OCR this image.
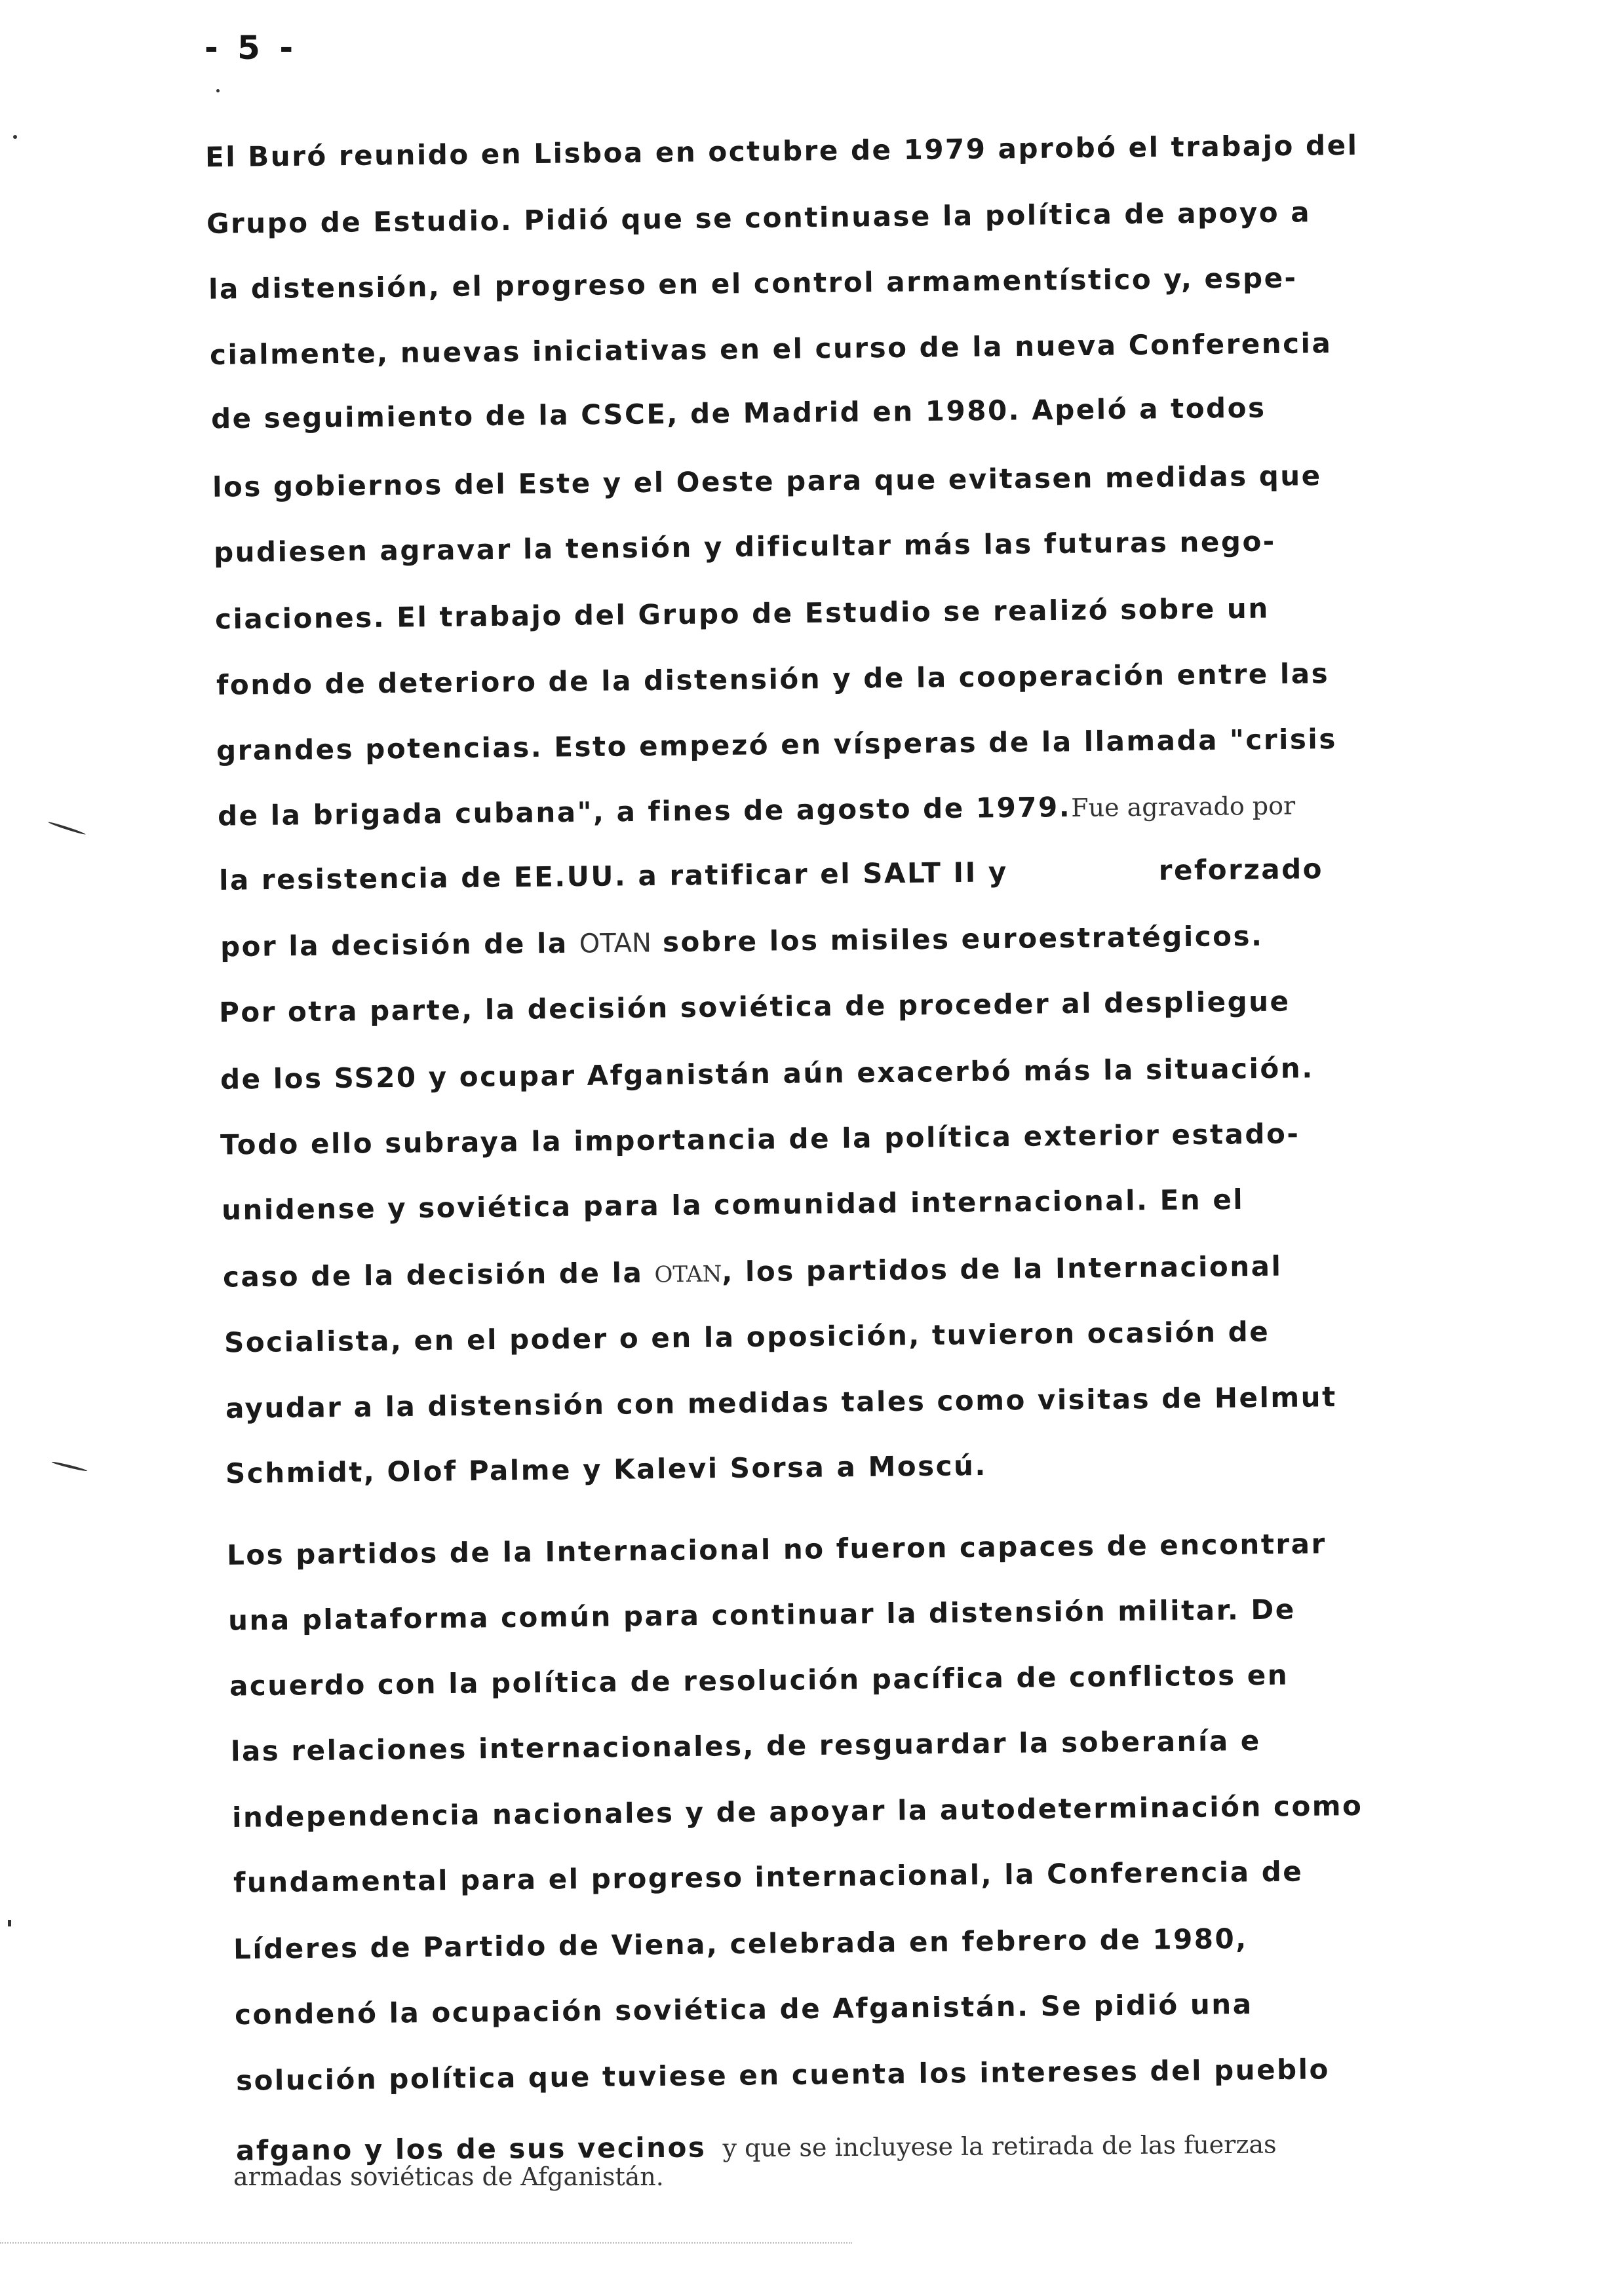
- 5 -
El Buró reunido en Lisboa en octubre de 1979 aprobó el trabajo del
Grupo de Estudio. Pidió que se continuase la política de apoyo a
la distensión, el progreso en el control armamentístico y, espe-
cialmente, nuevas iniciativas en el curso de la nueva Conferencia
de seguimiento de la CSCE, de Madrid en 1980. Apeló a todos
los gobiernos del Este y el Oeste para que evitasen medidas que
pudiesen agravar la tensión y dificultar más las futuras nego-
ciaciones. El trabajo del Grupo de Estudio se realizó sobre un
fondo de deterioro de la distensión y de la cooperación entre las
grandes potencias. Esto empezó en vísperas de la llamada "crisis
de la brigada cubana", a fines de agosto de 1979.Fue agravado por
la resistencia de EE.UU. a ratificar el SALT II y	reforzado
por la decisión de la OTAN sobre los misiles euroestratégicos.
Por otra parte, la decisión soviética de proceder al despliegue
de los SS20 y ocupar Afganistán aún exacerbó más la situación.
Todo ello subraya la importancia de la política exterior estado-
unidense y soviética para la comunidad internacional. En el
caso de la decisión de la OTAN, los partidos de la Internacional
Socialista, en el poder o en la oposición, tuvieron ocasión de
ayudar a la distensión con medidas tales como visitas de Helmut
Schmidt, Olof Palme y Kalevi Sorsa a Moscú.
Los partidos de la Internacional no fueron capaces de encontrar
una plataforma común para continuar la distensión militar. De
acuerdo con la política de resolución pacífica de conflictos en
las relaciones internacionales, de resguardar la soberanía e
independencia nacionales y de apoyar la autodeterminación como
fundamental para el progreso internacional, la Conferencia de
Líderes de Partido de Viena, celebrada en febrero de 1980,
condenó la ocupación soviética de Afganistán. Se pidió una
solución política que tuviese en cuenta los intereses del pueblo
afgano y los de sus vecinos y que se incluyese la retirada de las fuerzas
armadas soviéticas de Afganistán.
